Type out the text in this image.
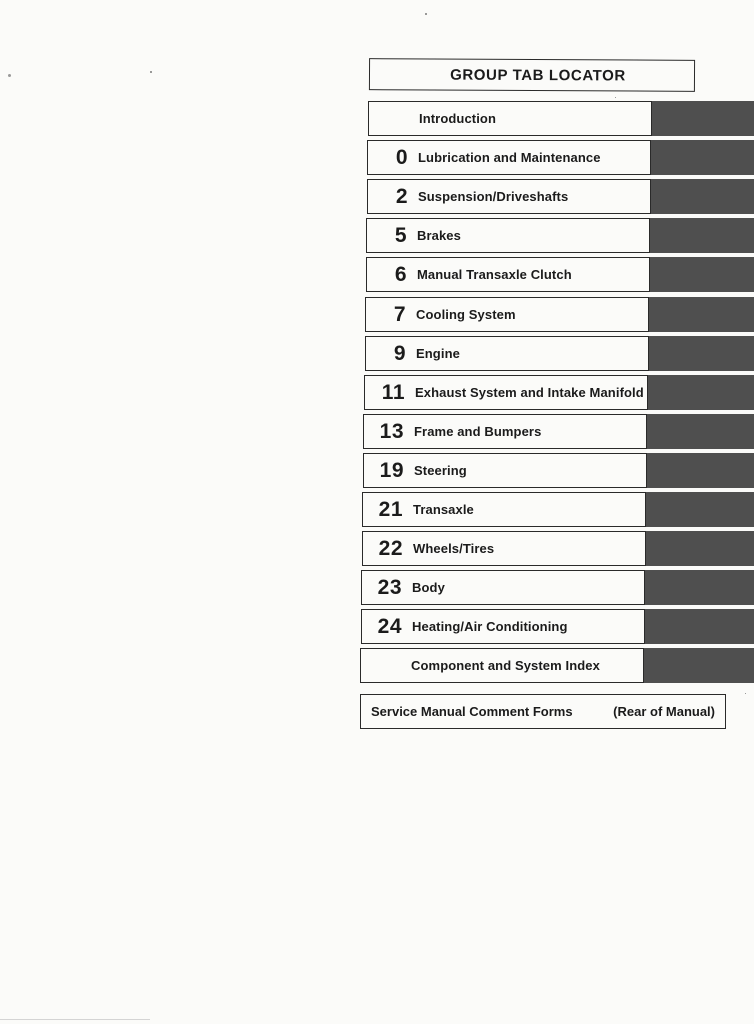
GROUP TAB LOCATOR
Introduction
0 Lubrication and Maintenance
2 Suspension/Driveshafts
5 Brakes
6 Manual Transaxle Clutch
7 Cooling System
9 Engine
11 Exhaust System and Intake Manifold
13 Frame and Bumpers
19 Steering
21 Transaxle
22 Wheels/Tires
23 Body
24 Heating/Air Conditioning
Component and System Index
Service Manual Comment Forms	(Rear of Manual)
